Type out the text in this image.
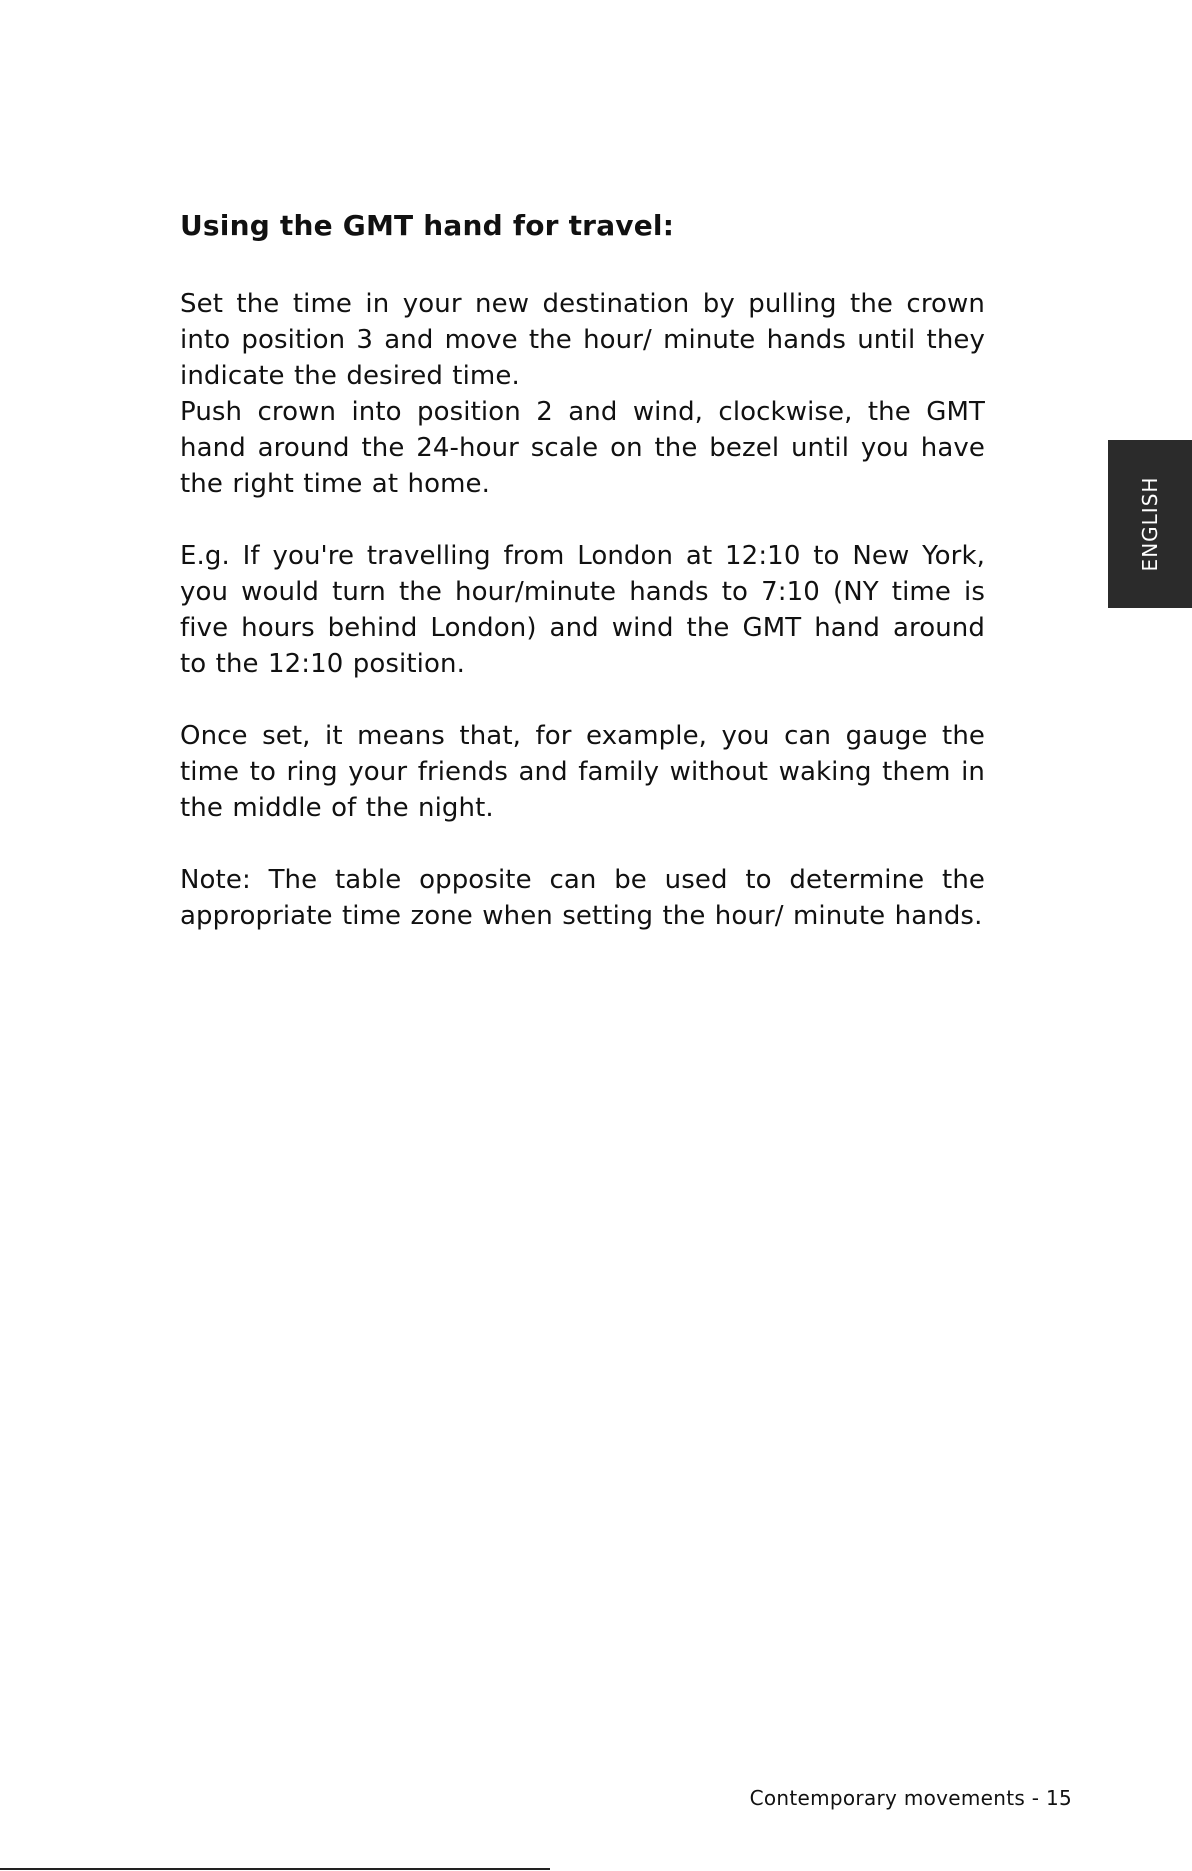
Using the GMT hand for travel:

Set the time in your new destination by pulling the crown into position 3 and move the hour/ minute hands until they indicate the desired time.

Push crown into position 2 and wind, clockwise, the GMT hand around the 24-hour scale on the bezel until you have the right time at home.

E.g. If you're travelling from London at 12:10 to New York, you would turn the hour/minute hands to 7:10 (NY time is five hours behind London) and wind the GMT hand around to the 12:10 position.

Once set, it means that, for example, you can gauge the time to ring your friends and family without waking them in the middle of the night.

Note: The table opposite can be used to determine the appropriate time zone when setting the hour/ minute hands.

ENGLISH
Contemporary movements - 15
